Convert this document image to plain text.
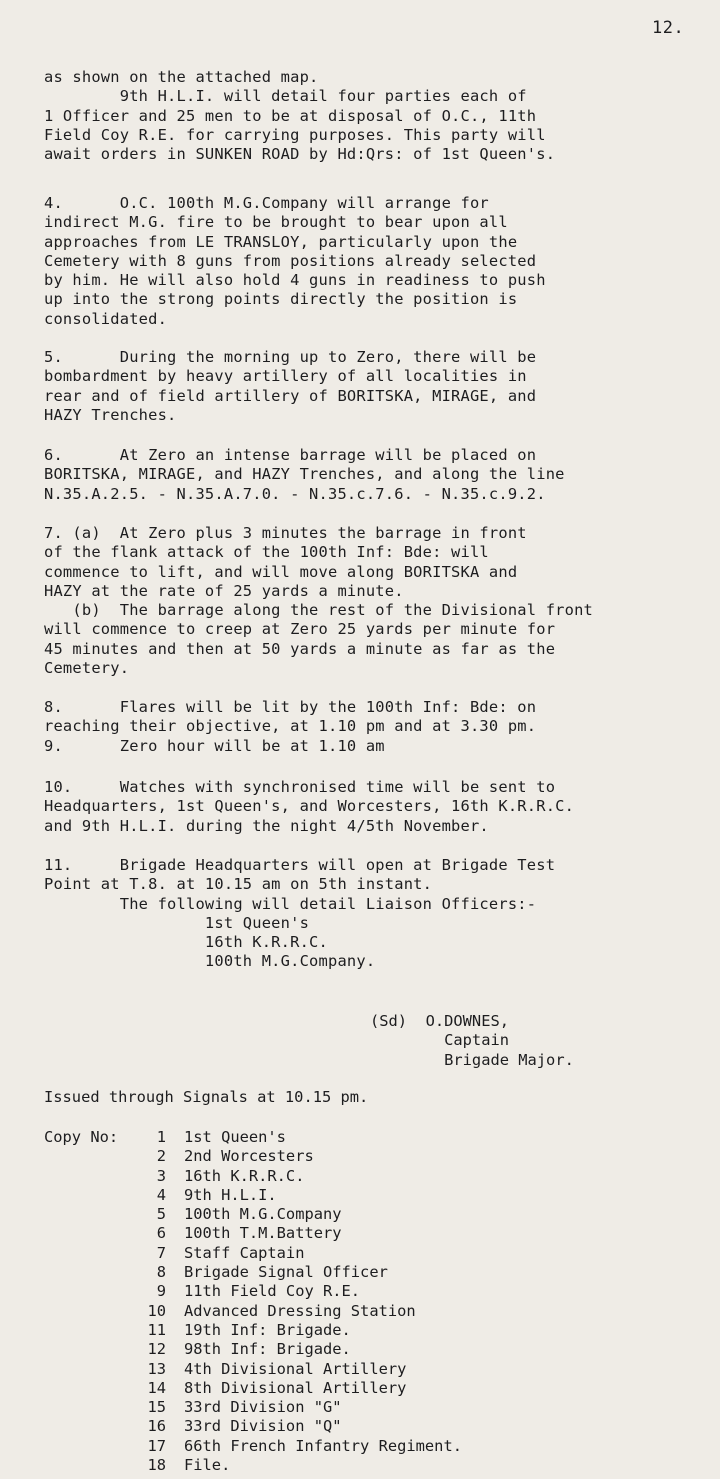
12.
as shown on the attached map.
9th H.L.I. will detail four parties each of
1 Officer and 25 men to be at disposal of O.C., 11th
Field Coy R.E. for carrying purposes. This party will
await orders in SUNKEN ROAD by Hd:Qrs: of 1st Queen's.
4.      O.C. 100th M.G.Company will arrange for
indirect M.G. fire to be brought to bear upon all
approaches from LE TRANSLOY, particularly upon the
Cemetery with 8 guns from positions already selected
by him. He will also hold 4 guns in readiness to push
up into the strong points directly the position is
consolidated.
5.      During the morning up to Zero, there will be
bombardment by heavy artillery of all localities in
rear and of field artillery of BORITSKA, MIRAGE, and
HAZY Trenches.
6.      At Zero an intense barrage will be placed on
BORITSKA, MIRAGE, and HAZY Trenches, and along the line
N.35.A.2.5. - N.35.A.7.0. - N.35.c.7.6. - N.35.c.9.2.
7. (a)  At Zero plus 3 minutes the barrage in front
of the flank attack of the 100th Inf: Bde: will
commence to lift, and will move along BORITSKA and
HAZY at the rate of 25 yards a minute.
(b)  The barrage along the rest of the Divisional front
will commence to creep at Zero 25 yards per minute for
45 minutes and then at 50 yards a minute as far as the
Cemetery.
8.      Flares will be lit by the 100th Inf: Bde: on
reaching their objective, at 1.10 pm and at 3.30 pm.
9.      Zero hour will be at 1.10 am
10.     Watches with synchronised time will be sent to
Headquarters, 1st Queen's, and Worcesters, 16th K.R.R.C.
and 9th H.L.I. during the night 4/5th November.
11.     Brigade Headquarters will open at Brigade Test
Point at T.8. at 10.15 am on 5th instant.
The following will detail Liaison Officers:-
1st Queen's
16th K.R.R.C.
100th M.G.Company.
(Sd)  O.DOWNES,
Captain
Brigade Major.
Issued through Signals at 10.15 pm.
Copy No:	1	1st Queen's
2	2nd Worcesters
3	16th K.R.R.C.
4	9th H.L.I.
5	100th M.G.Company
6	100th T.M.Battery
7	Staff Captain
8	Brigade Signal Officer
9	11th Field Coy R.E.
10	Advanced Dressing Station
11	19th Inf: Brigade.
12	98th Inf: Brigade.
13	4th Divisional Artillery
14	8th Divisional Artillery
15	33rd Division "G"
16	33rd Division "Q"
17	66th French Infantry Regiment.
18	File.
